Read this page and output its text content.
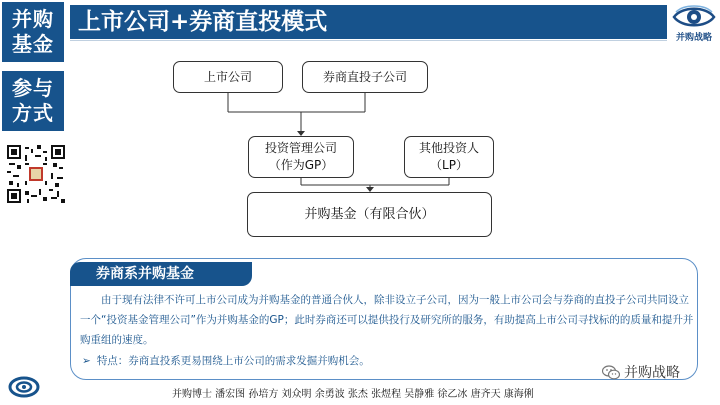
并购
基金
参与
方式
上市公司+券商直投模式
并购战略
上市公司	券商直投子公司
投资管理公司
（作为GP）
其他投资人
（LP）
并购基金（有限合伙）
券商系并购基金

由于现有法律不许可上市公司成为并购基金的普通合伙人，除非设立子公司，因为一般上市公司会与券商的直投子公司共同设立一个“投资基金管理公司”作为并购基金的GP；此时券商还可以提供投行及研究所的服务，有助提高上市公司寻找标的的质量和提升并购重组的速度。

➢ 特点：券商直投系更易围绕上市公司的需求发掘并购机会。
并购博士 潘宏图 孙培方 刘众明 余勇波 张杰 张煜程 吴静雅 徐乙冰 唐齐天 康海俐
并购战略
